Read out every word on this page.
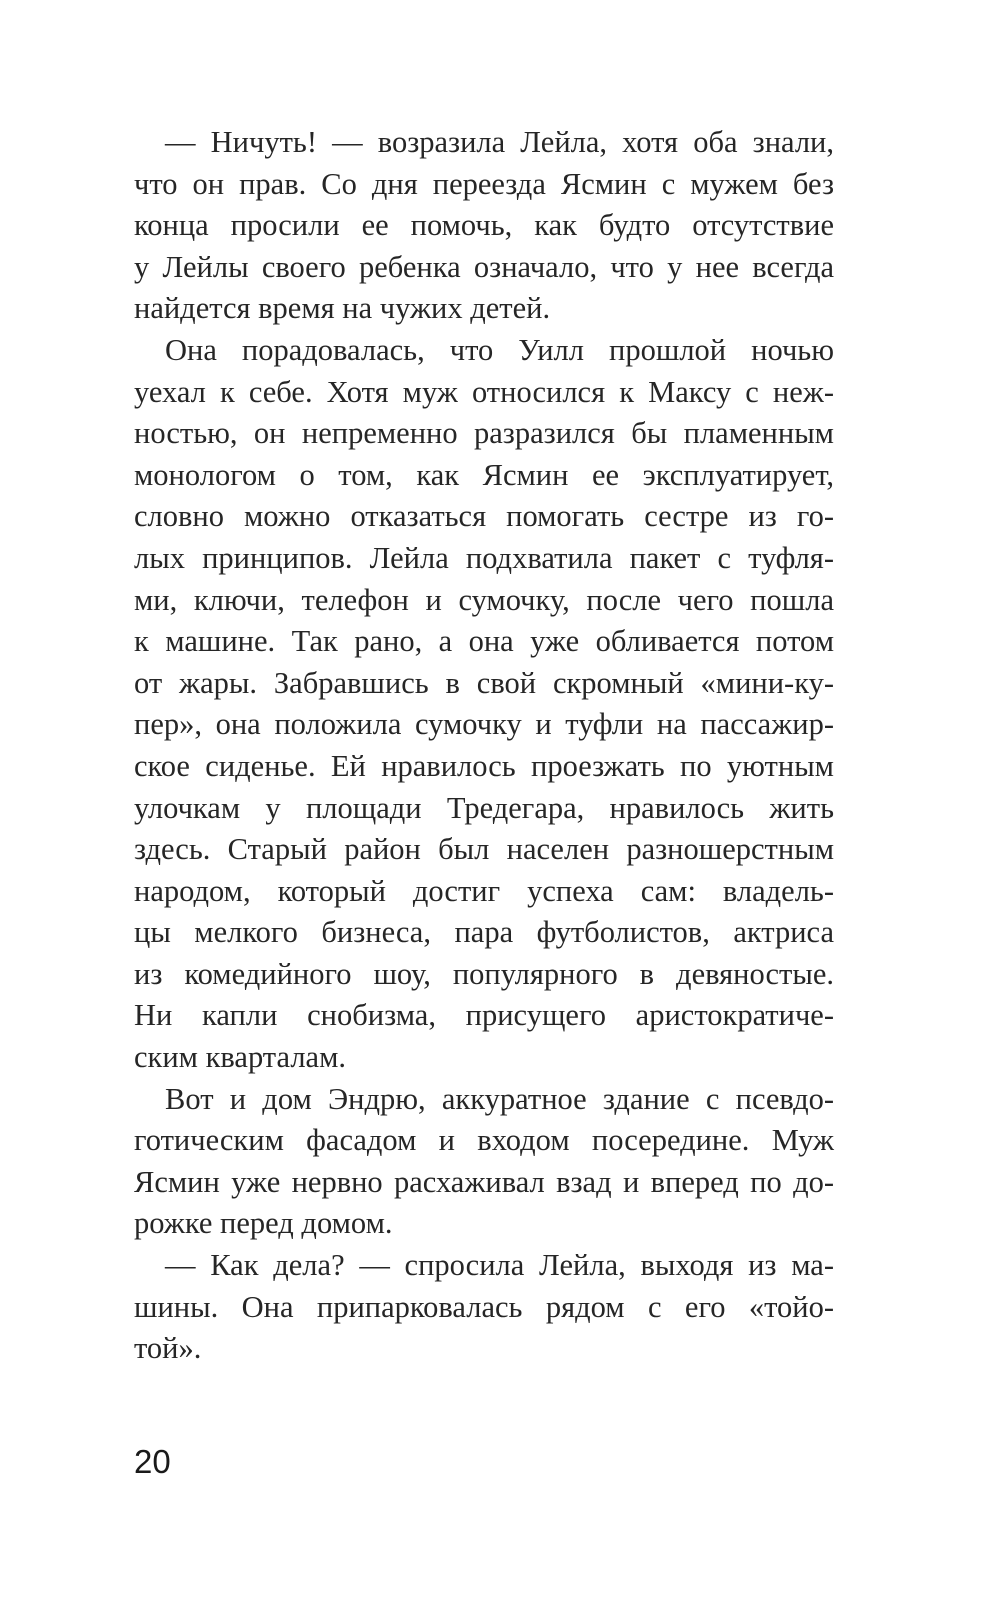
— Ничуть! — возразила Лейла, хотя оба знали,
что он прав. Со дня переезда Ясмин с мужем без
конца просили ее помочь, как будто отсутствие
у Лейлы своего ребенка означало, что у нее всегда
найдется время на чужих детей.
Она порадовалась, что Уилл прошлой ночью
уехал к себе. Хотя муж относился к Максу с неж-
ностью, он непременно разразился бы пламенным
монологом о том, как Ясмин ее эксплуатирует,
словно можно отказаться помогать сестре из го-
лых принципов. Лейла подхватила пакет с туфля-
ми, ключи, телефон и сумочку, после чего пошла
к машине. Так рано, а она уже обливается потом
от жары. Забравшись в свой скромный «мини-ку-
пер», она положила сумочку и туфли на пассажир-
ское сиденье. Ей нравилось проезжать по уютным
улочкам у площади Тредегара, нравилось жить
здесь. Старый район был населен разношерстным
народом, который достиг успеха сам: владель-
цы мелкого бизнеса, пара футболистов, актриса
из комедийного шоу, популярного в девяностые.
Ни капли снобизма, присущего аристократиче-
ским кварталам.
Вот и дом Эндрю, аккуратное здание с псевдо-
готическим фасадом и входом посередине. Муж
Ясмин уже нервно расхаживал взад и вперед по до-
рожке перед домом.
— Как дела? — спросила Лейла, выходя из ма-
шины. Она припарковалась рядом с его «тойо-
той».
20
